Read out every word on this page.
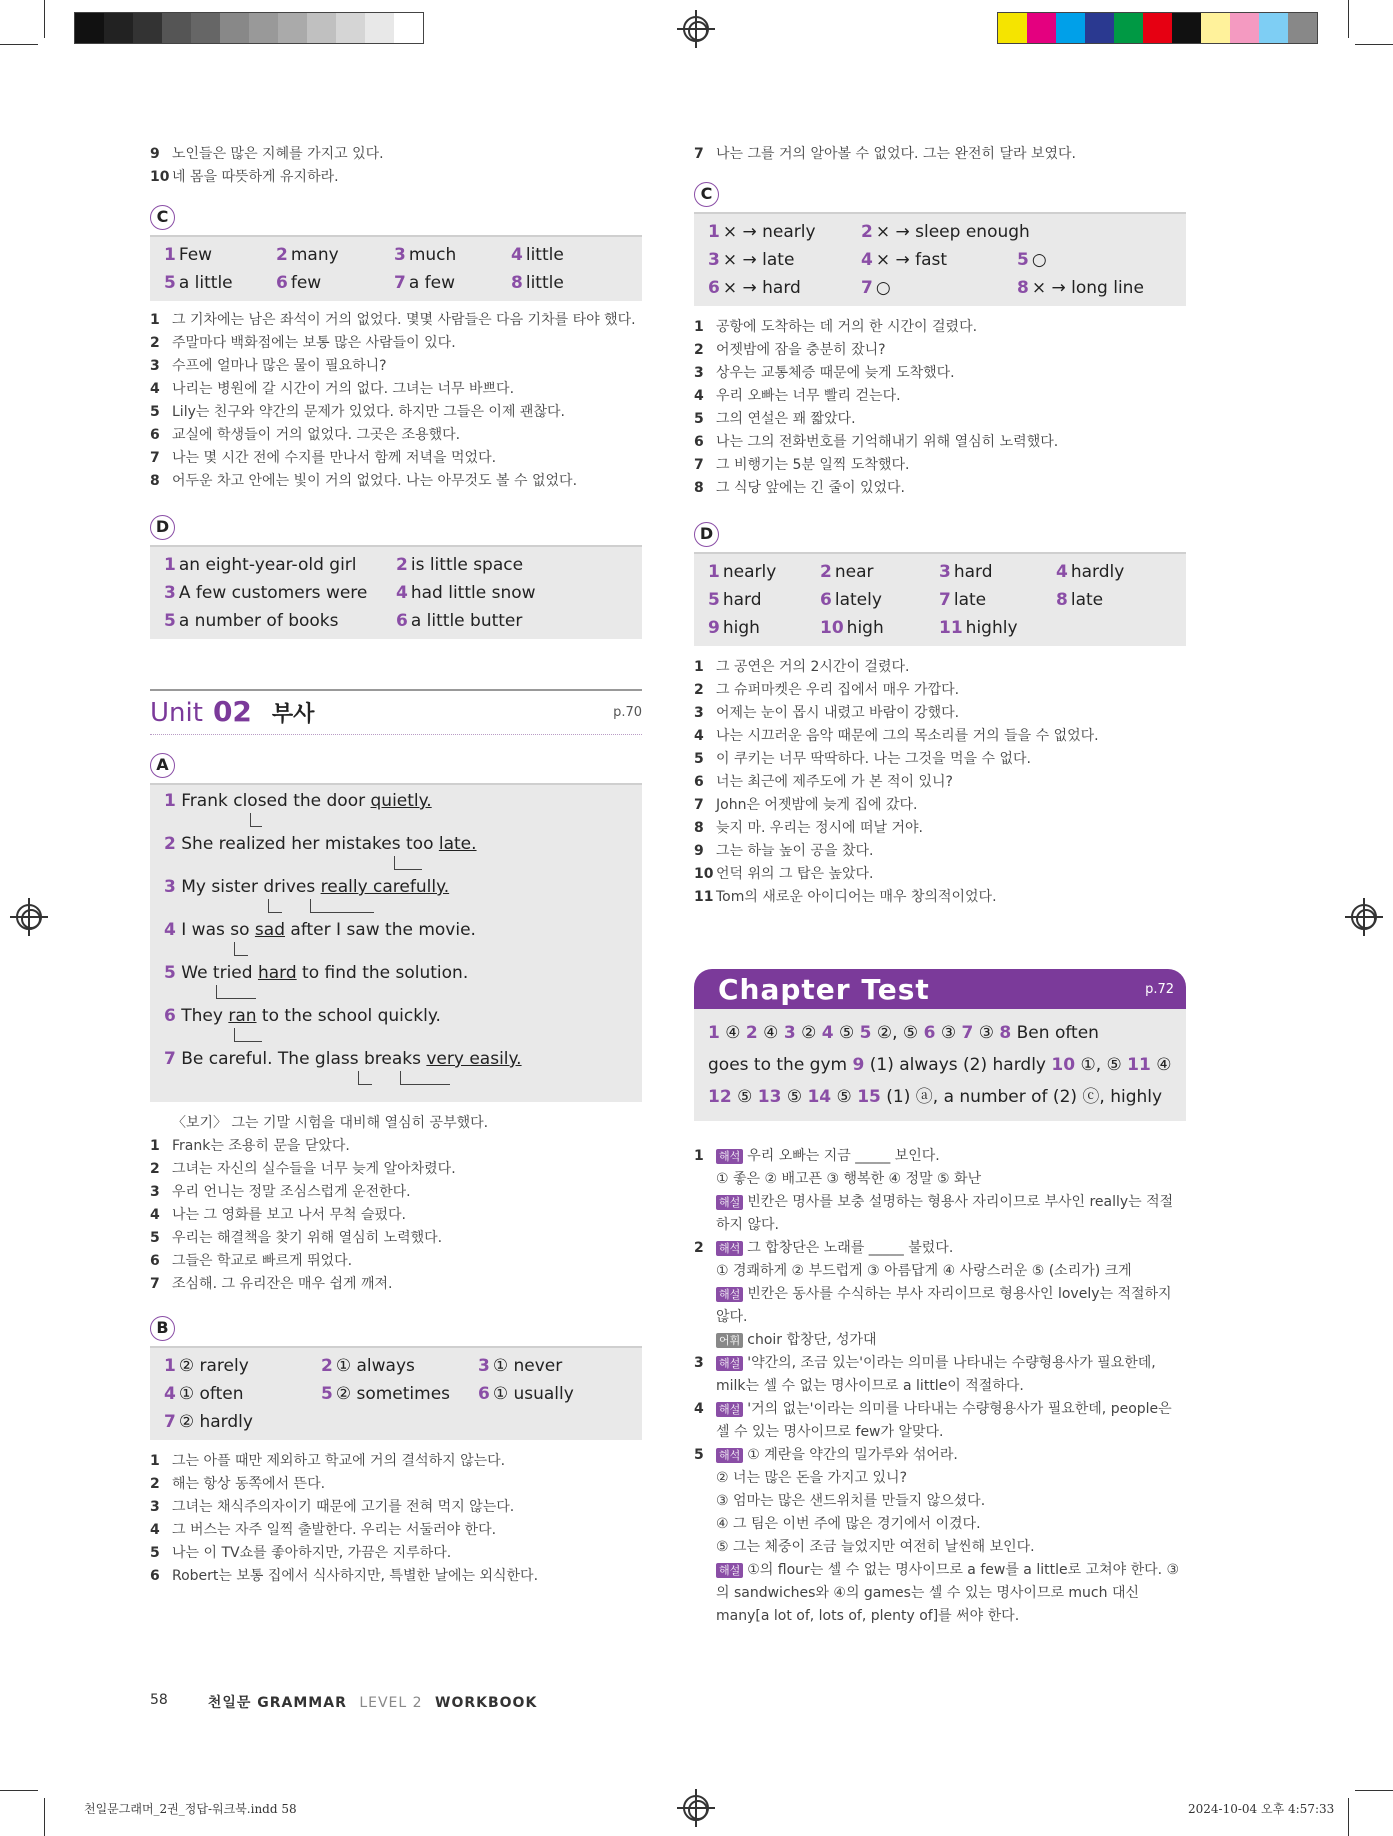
9 노인들은 많은 지혜를 가지고 있다.
10 네 몸을 따뜻하게 유지하라.
C
1 Few	2 many	3 much	4 little
5 a little	6 few	7 a few	8 little
1 그 기차에는 남은 좌석이 거의 없었다. 몇몇 사람들은 다음 기차를 타야 했다.
2 주말마다 백화점에는 보통 많은 사람들이 있다.
3 수프에 얼마나 많은 물이 필요하니?
4 나리는 병원에 갈 시간이 거의 없다. 그녀는 너무 바쁘다.
5 Lily는 친구와 약간의 문제가 있었다. 하지만 그들은 이제 괜찮다.
6 교실에 학생들이 거의 없었다. 그곳은 조용했다.
7 나는 몇 시간 전에 수지를 만나서 함께 저녁을 먹었다.
8 어두운 차고 안에는 빛이 거의 없었다. 나는 아무것도 볼 수 없었다.
D
1 an eight-year-old girl	2 is little space
3 A few customers were	4 had little snow
5 a number of books	6 a little butter
Unit 02 부사	p.70
A
1 Frank closed the door quietly.
2 She realized her mistakes too late.
3 My sister drives really carefully.
4 I was so sad after I saw the movie.
5 We tried hard to find the solution.
6 They ran to the school quickly.
7 Be careful. The glass breaks very easily.
〈보기〉 그는 기말 시험을 대비해 열심히 공부했다.
1 Frank는 조용히 문을 닫았다.
2 그녀는 자신의 실수들을 너무 늦게 알아차렸다.
3 우리 언니는 정말 조심스럽게 운전한다.
4 나는 그 영화를 보고 나서 무척 슬펐다.
5 우리는 해결책을 찾기 위해 열심히 노력했다.
6 그들은 학교로 빠르게 뛰었다.
7 조심해. 그 유리잔은 매우 쉽게 깨져.
B
1 ② rarely	2 ① always	3 ① never
4 ① often	5 ② sometimes	6 ① usually
7 ② hardly
1 그는 아플 때만 제외하고 학교에 거의 결석하지 않는다.
2 해는 항상 동쪽에서 뜬다.
3 그녀는 채식주의자이기 때문에 고기를 전혀 먹지 않는다.
4 그 버스는 자주 일찍 출발한다. 우리는 서둘러야 한다.
5 나는 이 TV쇼를 좋아하지만, 가끔은 지루하다.
6 Robert는 보통 집에서 식사하지만, 특별한 날에는 외식한다.
7 나는 그를 거의 알아볼 수 없었다. 그는 완전히 달라 보였다.
C
1 × → nearly	2 × → sleep enough
3 × → late	4 × → fast	5 ○
6 × → hard	7 ○	8 × → long line
1 공항에 도착하는 데 거의 한 시간이 걸렸다.
2 어젯밤에 잠을 충분히 잤니?
3 상우는 교통체증 때문에 늦게 도착했다.
4 우리 오빠는 너무 빨리 걷는다.
5 그의 연설은 꽤 짧았다.
6 나는 그의 전화번호를 기억해내기 위해 열심히 노력했다.
7 그 비행기는 5분 일찍 도착했다.
8 그 식당 앞에는 긴 줄이 있었다.
D
1 nearly	2 near	3 hard	4 hardly
5 hard	6 lately	7 late	8 late
9 high	10 high	11 highly
1 그 공연은 거의 2시간이 걸렸다.
2 그 슈퍼마켓은 우리 집에서 매우 가깝다.
3 어제는 눈이 몹시 내렸고 바람이 강했다.
4 나는 시끄러운 음악 때문에 그의 목소리를 거의 들을 수 없었다.
5 이 쿠키는 너무 딱딱하다. 나는 그것을 먹을 수 없다.
6 너는 최근에 제주도에 가 본 적이 있니?
7 John은 어젯밤에 늦게 집에 갔다.
8 늦지 마. 우리는 정시에 떠날 거야.
9 그는 하늘 높이 공을 찼다.
10 언덕 위의 그 탑은 높았다.
11 Tom의 새로운 아이디어는 매우 창의적이었다.
Chapter Test	p.72
1 ④ 2 ④ 3 ② 4 ⑤ 5 ②, ⑤ 6 ③ 7 ③ 8 Ben often
goes to the gym 9 (1) always (2) hardly 10 ①, ⑤ 11 ④
12 ⑤ 13 ⑤ 14 ⑤ 15 (1) ⓐ, a number of (2) ⓒ, highly
1	해석 우리 오빠는 지금 _____ 보인다.
① 좋은 ② 배고픈 ③ 행복한 ④ 정말 ⑤ 화난
해설 빈칸은 명사를 보충 설명하는 형용사 자리이므로 부사인 really는 적절하지 않다.
2	해석 그 합창단은 노래를 _____ 불렀다.
① 경쾌하게 ② 부드럽게 ③ 아름답게 ④ 사랑스러운 ⑤ (소리가) 크게
해설 빈칸은 동사를 수식하는 부사 자리이므로 형용사인 lovely는 적절하지 않다.
어휘 choir 합창단, 성가대
3	해설 '약간의, 조금 있는'이라는 의미를 나타내는 수량형용사가 필요한데, milk는 셀 수 없는 명사이므로 a little이 적절하다.
4	해설 '거의 없는'이라는 의미를 나타내는 수량형용사가 필요한데, people은 셀 수 있는 명사이므로 few가 알맞다.
5	해석 ① 계란을 약간의 밀가루와 섞어라.
② 너는 많은 돈을 가지고 있니?
③ 엄마는 많은 샌드위치를 만들지 않으셨다.
④ 그 팀은 이번 주에 많은 경기에서 이겼다.
⑤ 그는 체중이 조금 늘었지만 여전히 날씬해 보인다.
해설 ①의 flour는 셀 수 없는 명사이므로 a few를 a little로 고쳐야 한다. ③의 sandwiches와 ④의 games는 셀 수 있는 명사이므로 much 대신 many[a lot of, lots of, plenty of]를 써야 한다.
58	천일문 GRAMMAR LEVEL 2 WORKBOOK
천일문그래머_2권_정답-워크북.indd 58	2024-10-04 오후 4:57:33
